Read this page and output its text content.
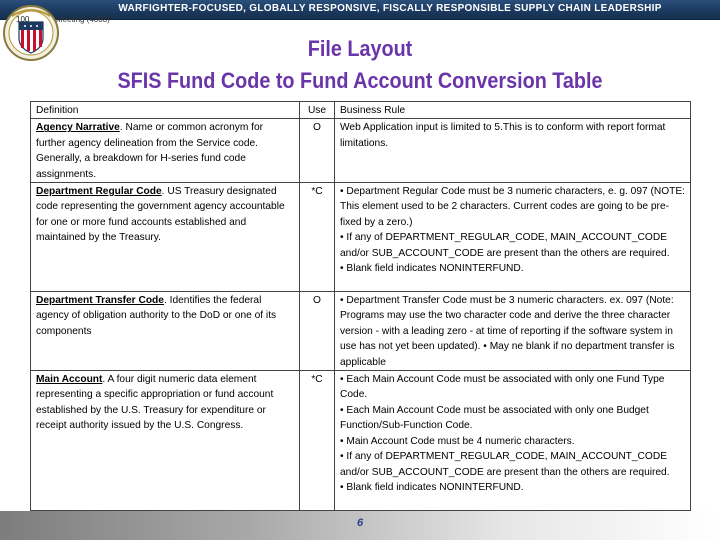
WARFIGHTER-FOCUSED, GLOBALLY RESPONSIVE, FISCALLY RESPONSIBLE SUPPLY CHAIN LEADERSHIP
100	Meeting (4008)
File Layout
SFIS Fund Code to Fund Account Conversion Table
Definition	Use	Business Rule
Agency Narrative. Name or common acronym for further agency delineation from the Service code. Generally, a breakdown for H-series fund code assignments.	O	Web Application input is limited to 5.This is to conform with report format limitations.

Department Regular Code. US Treasury designated code representing the government agency accountable for one or more fund accounts established and maintained by the Treasury.	*C	• Department Regular Code must be 3 numeric characters, e. g. 097 (NOTE: This element used to be 2 characters. Current codes are going to be pre-fixed by a zero.)
• If any of DEPARTMENT_REGULAR_CODE, MAIN_ACCOUNT_CODE and/or SUB_ACCOUNT_CODE are present than the others are required.
• Blank field indicates NONINTERFUND.

Department Transfer Code. Identifies the federal agency of obligation authority to the DoD or one of its components	O	• Department Transfer Code must be 3 numeric characters. ex. 097 (Note: Programs may use the two character code and derive the three character version - with a leading zero - at time of reporting if the software system in use has not yet been updated). • May ne blank if no department transfer is applicable

Main Account. A four digit numeric data element representing a specific appropriation or fund account established by the U.S. Treasury for expenditure or receipt authority issued by the U.S. Congress.	*C	• Each Main Account Code must be associated with only one Fund Type Code.
• Each Main Account Code must be associated with only one Budget Function/Sub-Function Code.
• Main Account Code must be 4 numeric characters.
• If any of DEPARTMENT_REGULAR_CODE, MAIN_ACCOUNT_CODE and/or SUB_ACCOUNT_CODE are present than the others are required.
• Blank field indicates NONINTERFUND.
6
